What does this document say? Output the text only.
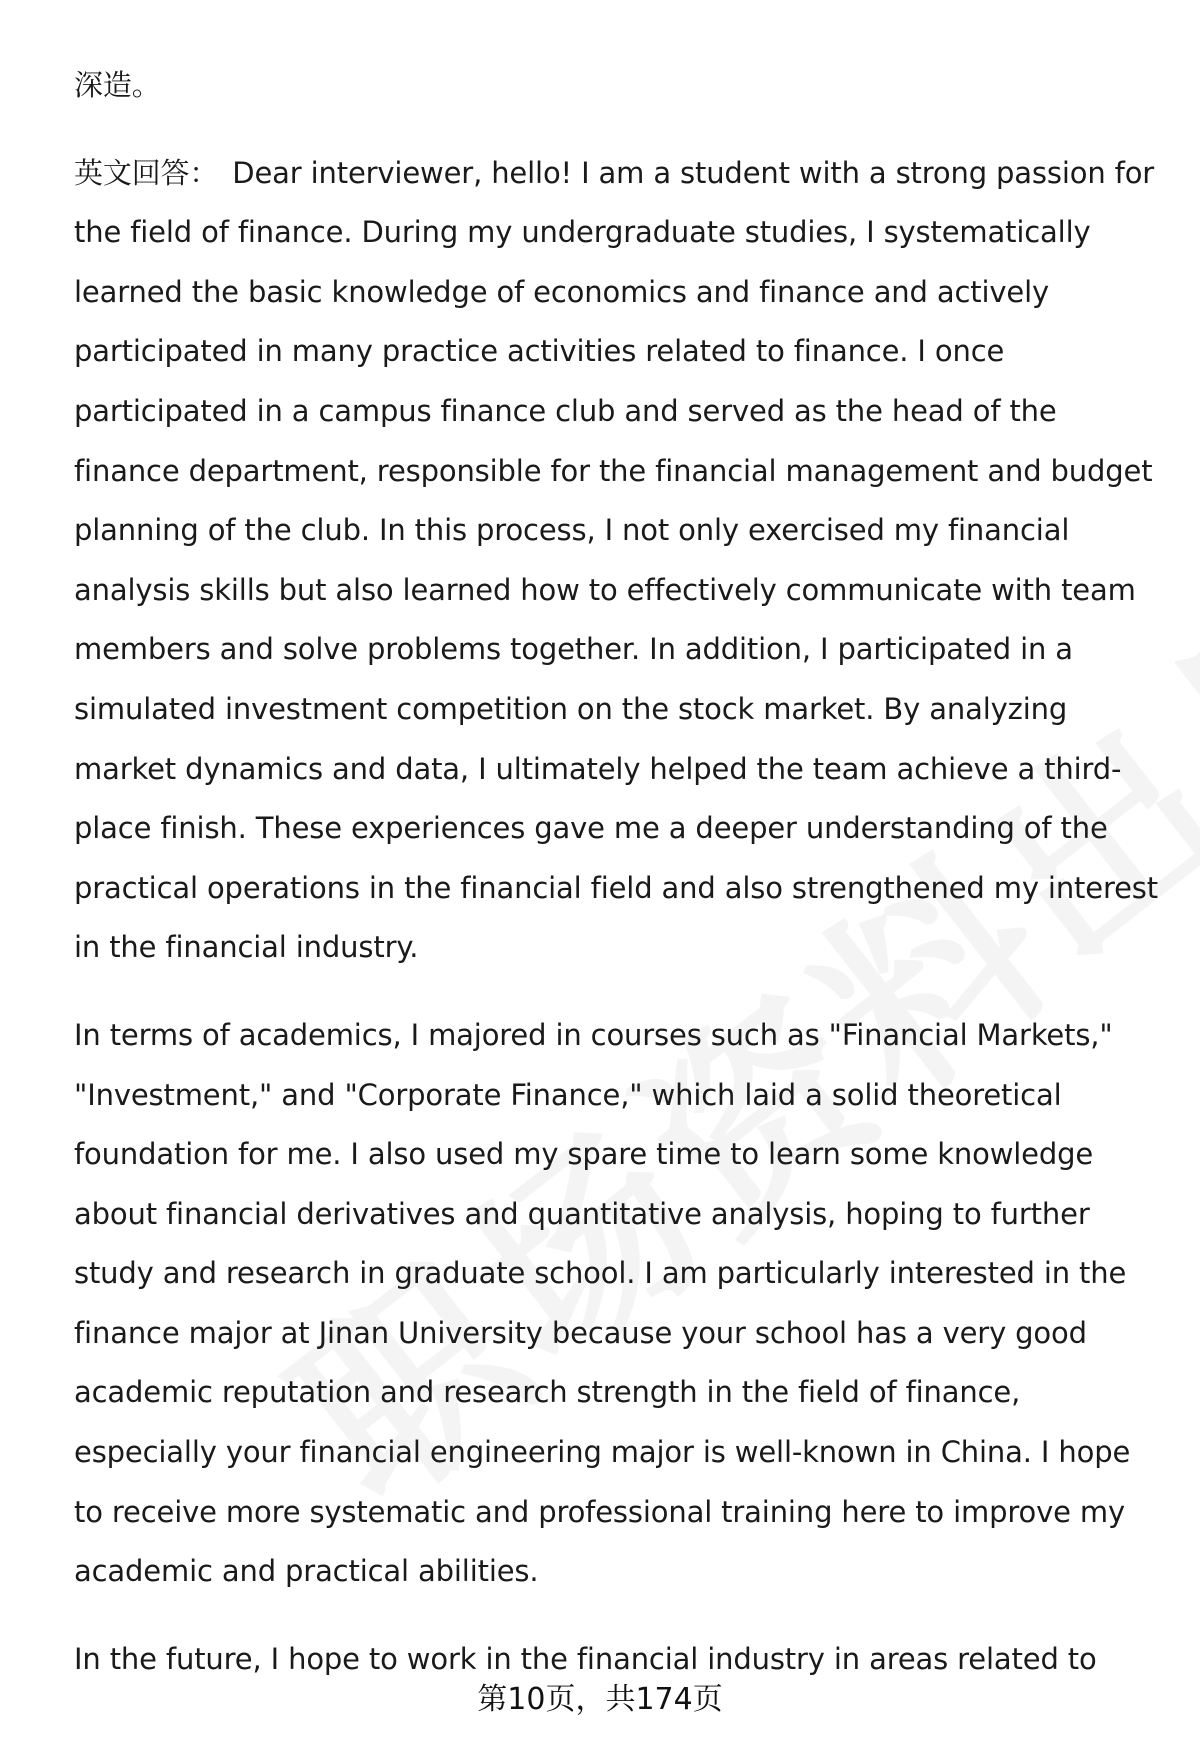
深造。

英文回答： Dear interviewer, hello! I am a student with a strong passion for the field of finance. During my undergraduate studies, I systematically learned the basic knowledge of economics and finance and actively participated in many practice activities related to finance. I once participated in a campus finance club and served as the head of the finance department, responsible for the financial management and budget planning of the club. In this process, I not only exercised my financial analysis skills but also learned how to effectively communicate with team members and solve problems together. In addition, I participated in a simulated investment competition on the stock market. By analyzing market dynamics and data, I ultimately helped the team achieve a third-place finish. These experiences gave me a deeper understanding of the practical operations in the financial field and also strengthened my interest in the financial industry.

In terms of academics, I majored in courses such as "Financial Markets," "Investment," and "Corporate Finance," which laid a solid theoretical foundation for me. I also used my spare time to learn some knowledge about financial derivatives and quantitative analysis, hoping to further study and research in graduate school. I am particularly interested in the finance major at Jinan University because your school has a very good academic reputation and research strength in the field of finance, especially your financial engineering major is well-known in China. I hope to receive more systematic and professional training here to improve my academic and practical abilities.

In the future, I hope to work in the financial industry in areas related to

第10页，共174页
